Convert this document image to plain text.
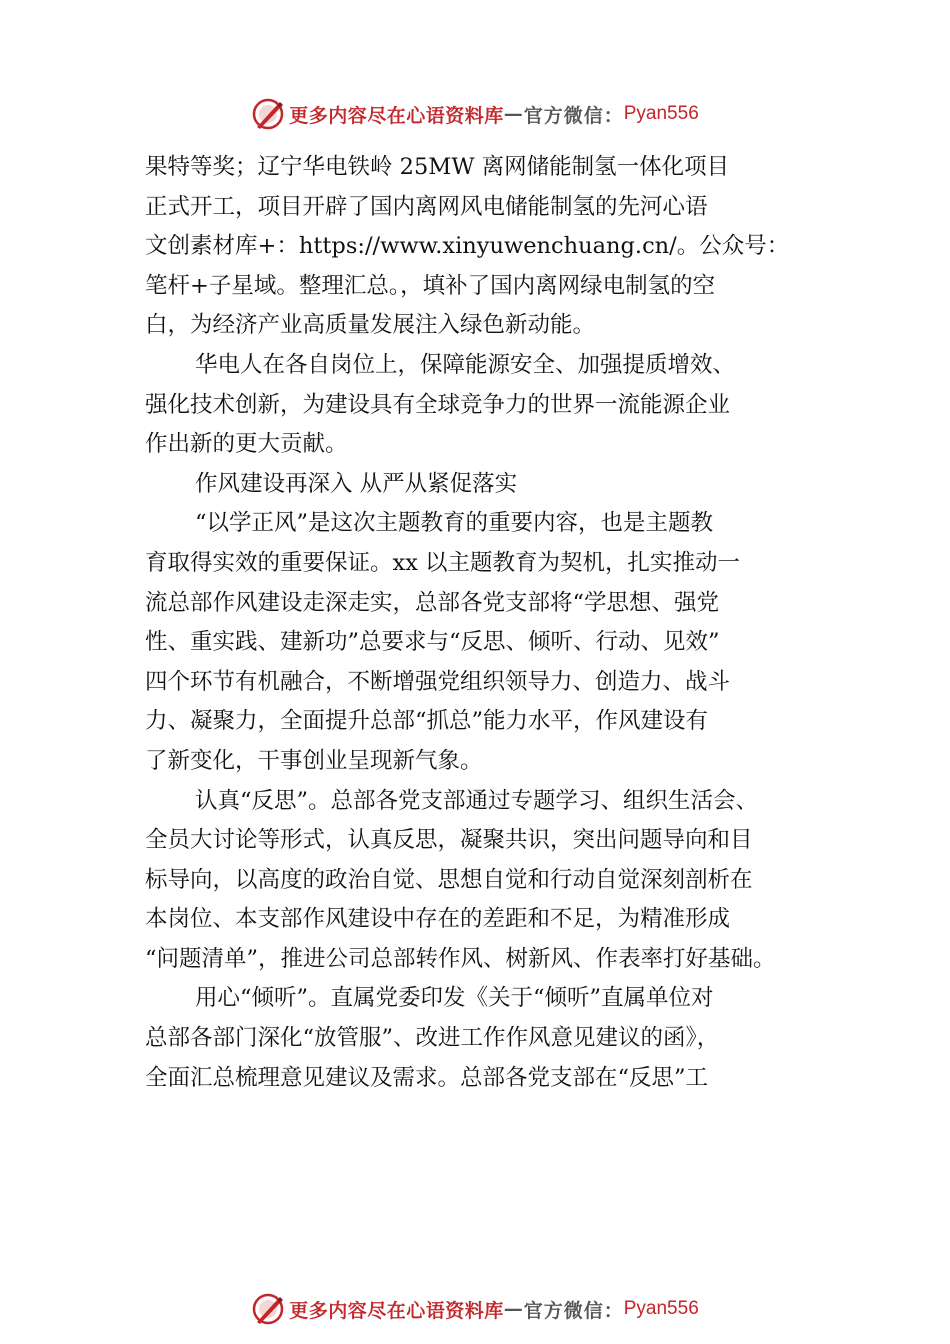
更多内容尽在心语资料库 — 官方微信： Pyan556
果特等奖；辽宁华电铁岭 25MW 离网储能制氢一体化项目
正式开工，项目开辟了国内离网风电储能制氢的先河心语
文创素材库+：https://www.xinyuwenchuang.cn/。公众号：
笔杆+子星域。整理汇总。，填补了国内离网绿电制氢的空
白，为经济产业高质量发展注入绿色新动能。
华电人在各自岗位上，保障能源安全、加强提质增效、
强化技术创新，为建设具有全球竞争力的世界一流能源企业
作出新的更大贡献。
作风建设再深入 从严从紧促落实
“以学正风”是这次主题教育的重要内容，也是主题教
育取得实效的重要保证。xx 以主题教育为契机，扎实推动一
流总部作风建设走深走实，总部各党支部将“学思想、强党
性、重实践、建新功”总要求与“反思、倾听、行动、见效”
四个环节有机融合，不断增强党组织领导力、创造力、战斗
力、凝聚力，全面提升总部“抓总”能力水平，作风建设有
了新变化，干事创业呈现新气象。
认真“反思”。总部各党支部通过专题学习、组织生活会、
全员大讨论等形式，认真反思，凝聚共识，突出问题导向和目
标导向，以高度的政治自觉、思想自觉和行动自觉深刻剖析在
本岗位、本支部作风建设中存在的差距和不足，为精准形成
“问题清单”，推进公司总部转作风、树新风、作表率打好基础。
用心“倾听”。直属党委印发《关于“倾听”直属单位对
总部各部门深化“放管服”、改进工作作风意见建议的函》，
全面汇总梳理意见建议及需求。总部各党支部在“反思”工
更多内容尽在心语资料库 — 官方微信： Pyan556
